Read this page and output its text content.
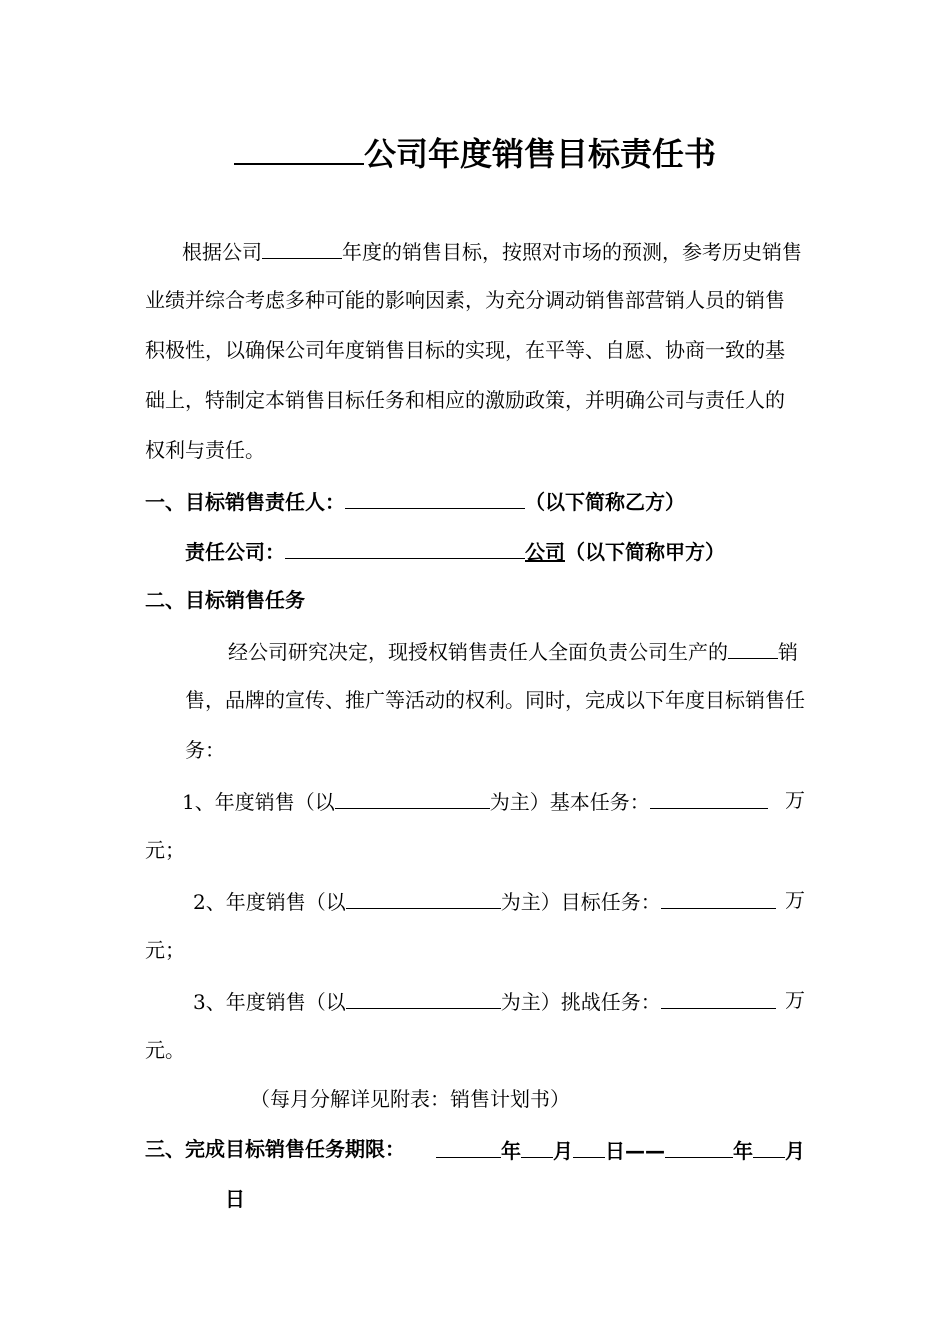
公司年度销售目标责任书
根据公司	年度的销售目标，按照对市场的预测，参考历史销售
业绩并综合考虑多种可能的影响因素，为充分调动销售部营销人员的销售
积极性，以确保公司年度销售目标的实现，在平等、自愿、协商一致的基
础上，特制定本销售目标任务和相应的激励政策，并明确公司与责任人的
权利与责任。
一、目标销售责任人：	（以下简称乙方）
责任公司：	公司（以下简称甲方）
二、目标销售任务
经公司研究决定，现授权销售责任人全面负责公司生产的	销
售，品牌的宣传、推广等活动的权利。同时，完成以下年度目标销售任
务：
1、年度销售（以	为主）基本任务：	万
元；
2、年度销售（以	为主）目标任务：	万
元；
3、年度销售（以	为主）挑战任务：	万
元。
（每月分解详见附表：销售计划书）
三、完成目标销售任务期限：	年 月 日——	年 月
日
